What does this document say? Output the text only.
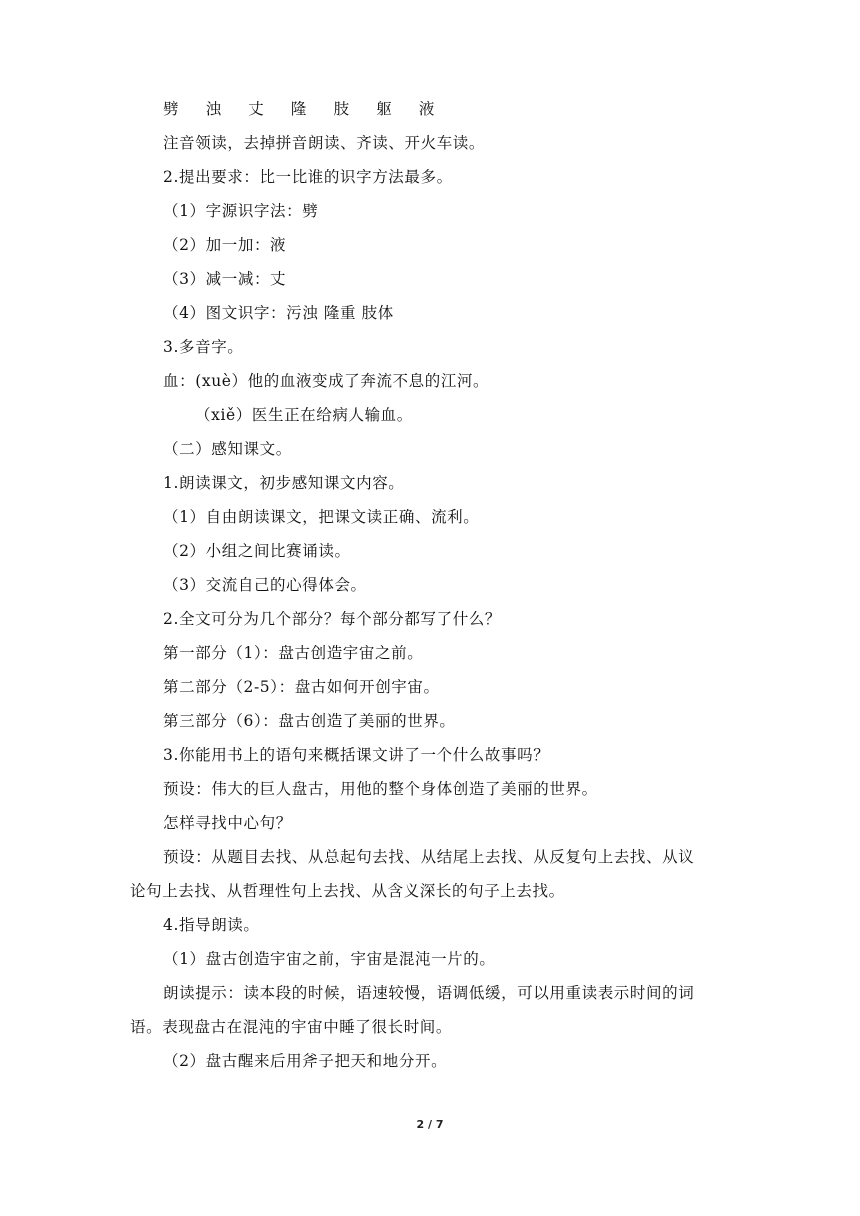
劈 浊 丈 隆 肢 躯 液
注音领读，去掉拼音朗读、齐读、开火车读。
2.提出要求：比一比谁的识字方法最多。
（1）字源识字法：劈
（2）加一加：液
（3）减一减：丈
（4）图文识字：污浊 隆重 肢体
3.多音字。
血：(xuè）他的血液变成了奔流不息的江河。
（xiě）医生正在给病人输血。
（二）感知课文。
1.朗读课文，初步感知课文内容。
（1）自由朗读课文，把课文读正确、流利。
（2）小组之间比赛诵读。
（3）交流自己的心得体会。
2.全文可分为几个部分？每个部分都写了什么？
第一部分（1）：盘古创造宇宙之前。
第二部分（2-5）：盘古如何开创宇宙。
第三部分（6）：盘古创造了美丽的世界。
3.你能用书上的语句来概括课文讲了一个什么故事吗？
预设：伟大的巨人盘古，用他的整个身体创造了美丽的世界。
怎样寻找中心句？
预设：从题目去找、从总起句去找、从结尾上去找、从反复句上去找、从议
论句上去找、从哲理性句上去找、从含义深长的句子上去找。
4.指导朗读。
（1）盘古创造宇宙之前，宇宙是混沌一片的。
朗读提示：读本段的时候，语速较慢，语调低缓，可以用重读表示时间的词
语。表现盘古在混沌的宇宙中睡了很长时间。
（2）盘古醒来后用斧子把天和地分开。
2 / 7
